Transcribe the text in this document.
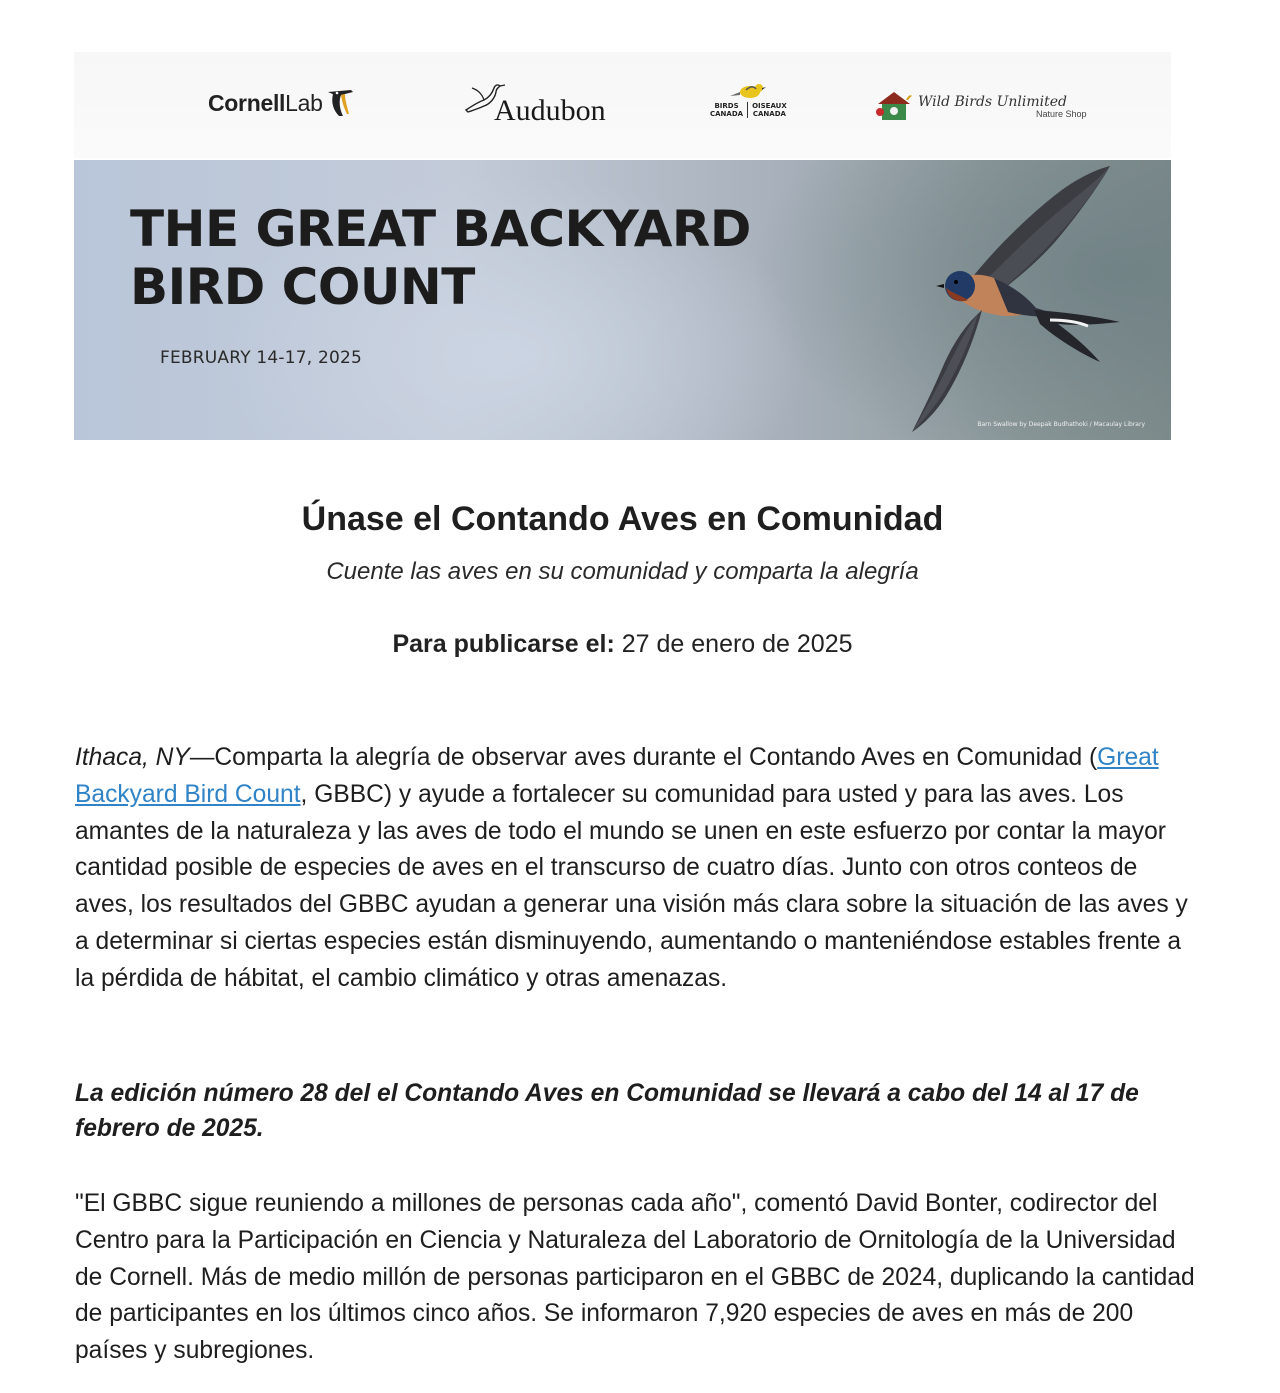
CornellLab	Audubon	BIRDS
CANADA
OISEAUX
CANADA
Wild Birds Unlimited
Nature Shop
THE GREAT BACKYARD
BIRD COUNT
FEBRUARY 14-17, 2025
Barn Swallow by Deepak Budhathoki / Macaulay Library
Únase el Contando Aves en Comunidad

Cuente las aves en su comunidad y comparta la alegría

Para publicarse el: 27 de enero de 2025

Ithaca, NY—Comparta la alegría de observar aves durante el Contando Aves en Comunidad (Great Backyard Bird Count, GBBC) y ayude a fortalecer su comunidad para usted y para las aves. Los amantes de la naturaleza y las aves de todo el mundo se unen en este esfuerzo por contar la mayor cantidad posible de especies de aves en el transcurso de cuatro días. Junto con otros conteos de aves, los resultados del GBBC ayudan a generar una visión más clara sobre la situación de las aves y a determinar si ciertas especies están disminuyendo, aumentando o manteniéndose estables frente a la pérdida de hábitat, el cambio climático y otras amenazas.

La edición número 28 del el Contando Aves en Comunidad se llevará a cabo del 14 al 17 de febrero de 2025.

"El GBBC sigue reuniendo a millones de personas cada año", comentó David Bonter, codirector del Centro para la Participación en Ciencia y Naturaleza del Laboratorio de Ornitología de la Universidad de Cornell. Más de medio millón de personas participaron en el GBBC de 2024, duplicando la cantidad de participantes en los últimos cinco años. Se informaron 7,920 especies de aves en más de 200 países y subregiones.
